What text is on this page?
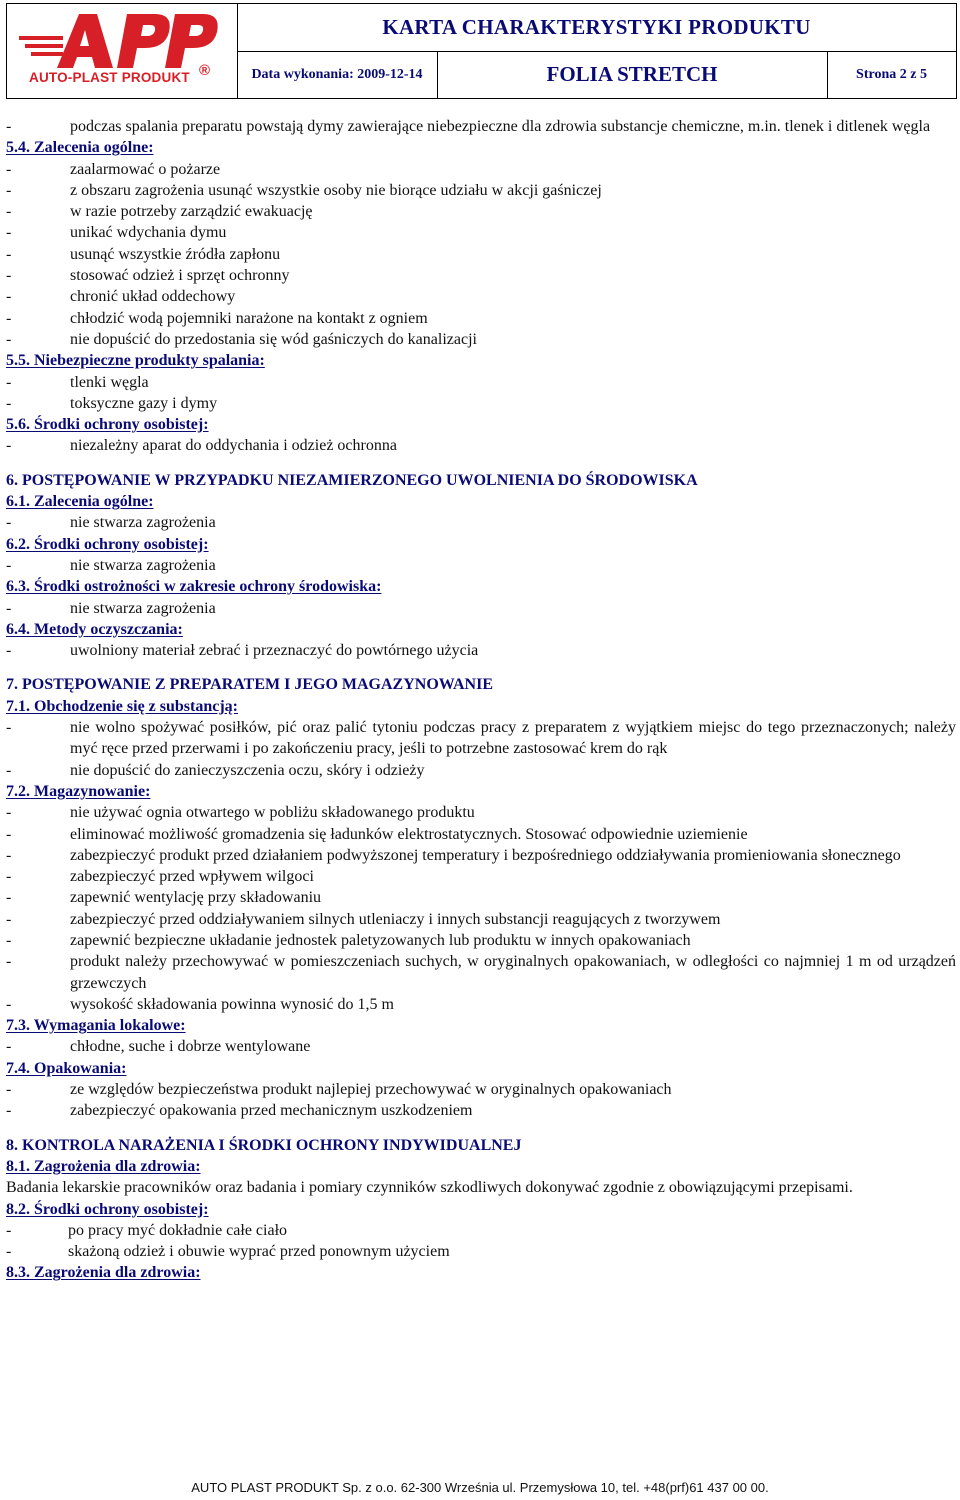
AUTO-PLAST PRODUKT ®
KARTA CHARAKTERYSTYKI PRODUKTU
Data wykonania: 2009-12-14	FOLIA STRETCH	Strona 2 z 5
-	podczas spalania preparatu powstają dymy zawierające niebezpieczne dla zdrowia substancje chemiczne, m.in. tlenek i ditlenek węgla
5.4. Zalecenia ogólne:
-	zaalarmować o pożarze
-	z obszaru zagrożenia usunąć wszystkie osoby nie biorące udziału w akcji gaśniczej
-	w razie potrzeby zarządzić ewakuację
-	unikać wdychania dymu
-	usunąć wszystkie źródła zapłonu
-	stosować odzież i sprzęt ochronny
-	chronić układ oddechowy
-	chłodzić wodą pojemniki narażone na kontakt z ogniem
-	nie dopuścić do przedostania się wód gaśniczych do kanalizacji
5.5. Niebezpieczne produkty spalania:
-	tlenki węgla
-	toksyczne gazy i dymy
5.6. Środki ochrony osobistej:
-	niezależny aparat do oddychania i odzież ochronna
6. POSTĘPOWANIE W PRZYPADKU NIEZAMIERZONEGO UWOLNIENIA DO ŚRODOWISKA
6.1. Zalecenia ogólne:
-	nie stwarza zagrożenia
6.2. Środki ochrony osobistej:
-	nie stwarza zagrożenia
6.3. Środki ostrożności w zakresie ochrony środowiska:
-	nie stwarza zagrożenia
6.4. Metody oczyszczania:
-	uwolniony materiał zebrać i przeznaczyć do powtórnego użycia
7. POSTĘPOWANIE Z PREPARATEM I JEGO MAGAZYNOWANIE
7.1. Obchodzenie się z substancją:
-	nie wolno spożywać posiłków, pić oraz palić tytoniu podczas pracy z preparatem z wyjątkiem miejsc do tego przeznaczonych; należy myć ręce przed przerwami i po zakończeniu pracy, jeśli to potrzebne zastosować krem do rąk
-	nie dopuścić do zanieczyszczenia oczu, skóry i odzieży
7.2. Magazynowanie:
-	nie używać ognia otwartego w pobliżu składowanego produktu
-	eliminować możliwość gromadzenia się ładunków elektrostatycznych. Stosować odpowiednie uziemienie
-	zabezpieczyć produkt przed działaniem podwyższonej temperatury i bezpośredniego oddziaływania promieniowania słonecznego
-	zabezpieczyć przed wpływem wilgoci
-	zapewnić wentylację przy składowaniu
-	zabezpieczyć przed oddziaływaniem silnych utleniaczy i innych substancji reagujących z tworzywem
-	zapewnić bezpieczne układanie jednostek paletyzowanych lub produktu w innych opakowaniach
-	produkt należy przechowywać w pomieszczeniach suchych, w oryginalnych opakowaniach, w odległości co najmniej 1 m od urządzeń grzewczych
-	wysokość składowania powinna wynosić do 1,5 m
7.3. Wymagania lokalowe:
-	chłodne, suche i dobrze wentylowane
7.4. Opakowania:
-	ze względów bezpieczeństwa produkt najlepiej przechowywać w oryginalnych opakowaniach
-	zabezpieczyć opakowania przed mechanicznym uszkodzeniem
8. KONTROLA NARAŻENIA I ŚRODKI OCHRONY INDYWIDUALNEJ
8.1. Zagrożenia dla zdrowia:
Badania lekarskie pracowników oraz badania i pomiary czynników szkodliwych dokonywać zgodnie z obowiązującymi przepisami.
8.2. Środki ochrony osobistej:
-	po pracy myć dokładnie całe ciało
-	skażoną odzież i obuwie wyprać przed ponownym użyciem
8.3. Zagrożenia dla zdrowia:
AUTO PLAST PRODUKT Sp. z o.o. 62-300 Września ul. Przemysłowa 10, tel. +48(prf)61 437 00 00.
